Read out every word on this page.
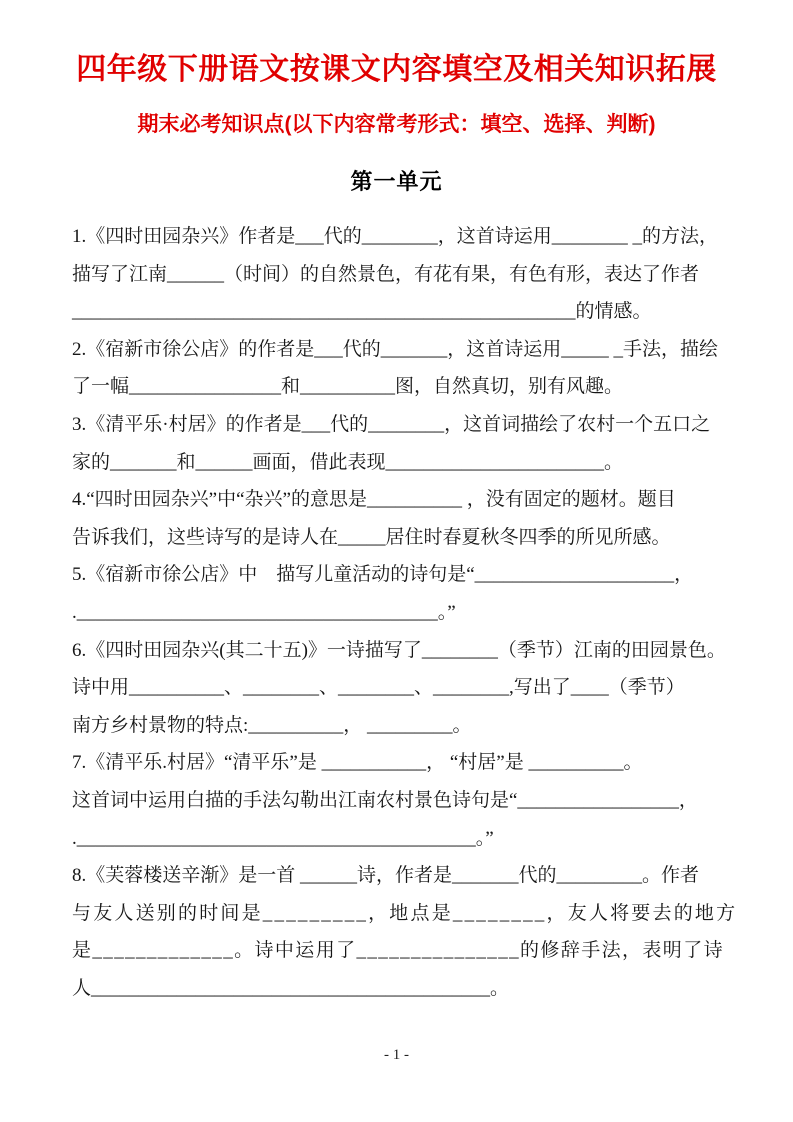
四年级下册语文按课文内容填空及相关知识拓展
期末必考知识点(以下内容常考形式：填空、选择、判断)
第一单元
1.《四时田园杂兴》作者是___代的________，这首诗运用________ _的方法，
描写了江南______（时间）的自然景色，有花有果，有色有形，表达了作者
_____________________________________________________的情感。
2.《宿新市徐公店》的作者是___代的_______，这首诗运用_____ _手法，描绘
了一幅________________和__________图，自然真切，别有风趣。
3.《清平乐·村居》的作者是___代的________，这首词描绘了农村一个五口之
家的_______和______画面，借此表现_______________________。
4.“四时田园杂兴”中“杂兴”的意思是__________ ，没有固定的题材。题目
告诉我们，这些诗写的是诗人在_____居住时春夏秋冬四季的所见所感。
5.《宿新市徐公店》中　描写儿童活动的诗句是“_____________________，
.______________________________________。”
6.《四时田园杂兴(其二十五)》一诗描写了________（季节）江南的田园景色。
诗中用__________、________、________、________,写出了____（季节）
南方乡村景物的特点:__________， _________。
7.《清平乐.村居》“清平乐”是 ___________， “村居”是 __________。
这首词中运用白描的手法勾勒出江南农村景色诗句是“_________________，
.__________________________________________。”
8.《芙蓉楼送辛渐》是一首 ______诗，作者是_______代的_________。作者
与友人送别的时间是_________，地点是________，友人将要去的地方
是_____________。诗中运用了_______________的修辞手法，表明了诗
人__________________________________________。
- 1 -
